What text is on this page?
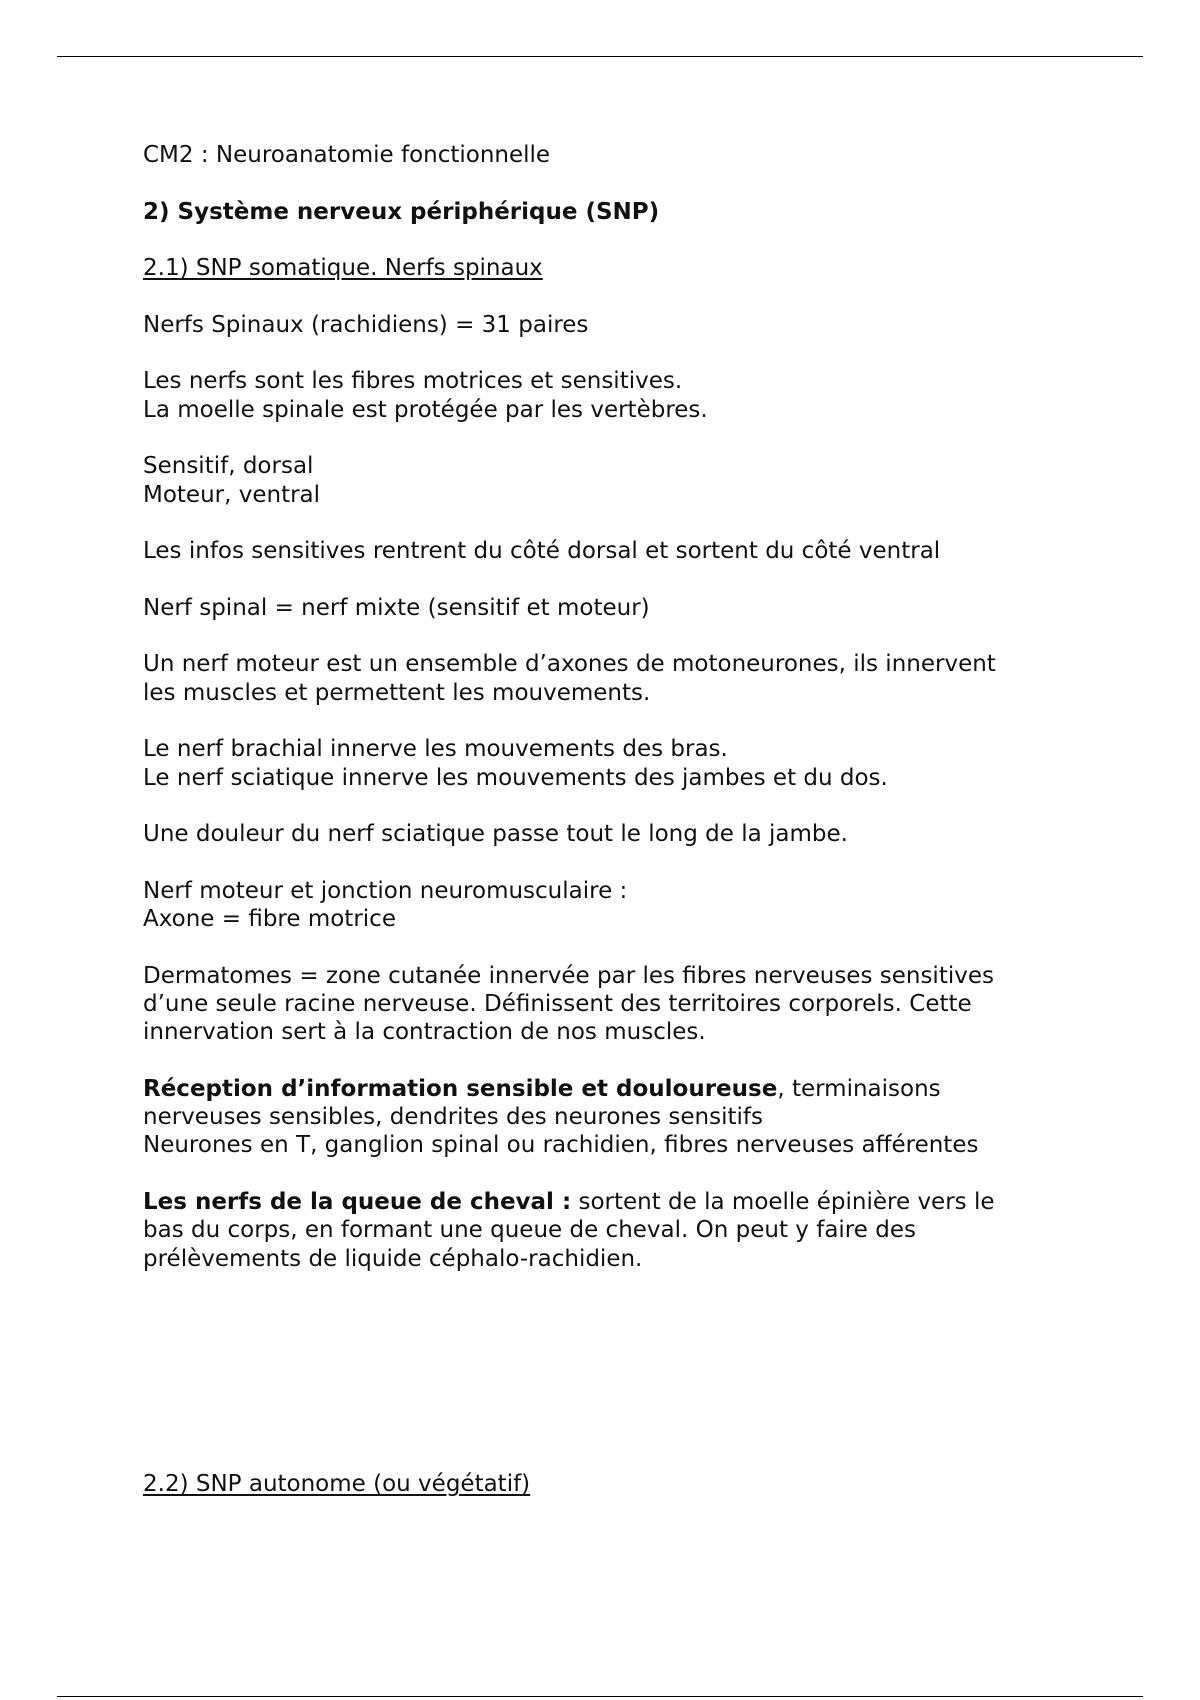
CM2 : Neuroanatomie fonctionnelle

2) Système nerveux périphérique (SNP)

2.1) SNP somatique. Nerfs spinaux

Nerfs Spinaux (rachidiens) = 31 paires

Les nerfs sont les fibres motrices et sensitives.
La moelle spinale est protégée par les vertèbres.

Sensitif, dorsal
Moteur, ventral

Les infos sensitives rentrent du côté dorsal et sortent du côté ventral

Nerf spinal = nerf mixte (sensitif et moteur)

Un nerf moteur est un ensemble d’axones de motoneurones, ils innervent
les muscles et permettent les mouvements.

Le nerf brachial innerve les mouvements des bras.
Le nerf sciatique innerve les mouvements des jambes et du dos.

Une douleur du nerf sciatique passe tout le long de la jambe.

Nerf moteur et jonction neuromusculaire :
Axone = fibre motrice

Dermatomes = zone cutanée innervée par les fibres nerveuses sensitives
d’une seule racine nerveuse. Définissent des territoires corporels. Cette
innervation sert à la contraction de nos muscles.

Réception d’information sensible et douloureuse, terminaisons
nerveuses sensibles, dendrites des neurones sensitifs
Neurones en T, ganglion spinal ou rachidien, fibres nerveuses afférentes

Les nerfs de la queue de cheval : sortent de la moelle épinière vers le
bas du corps, en formant une queue de cheval. On peut y faire des
prélèvements de liquide céphalo-rachidien.

2.2) SNP autonome (ou végétatif)
